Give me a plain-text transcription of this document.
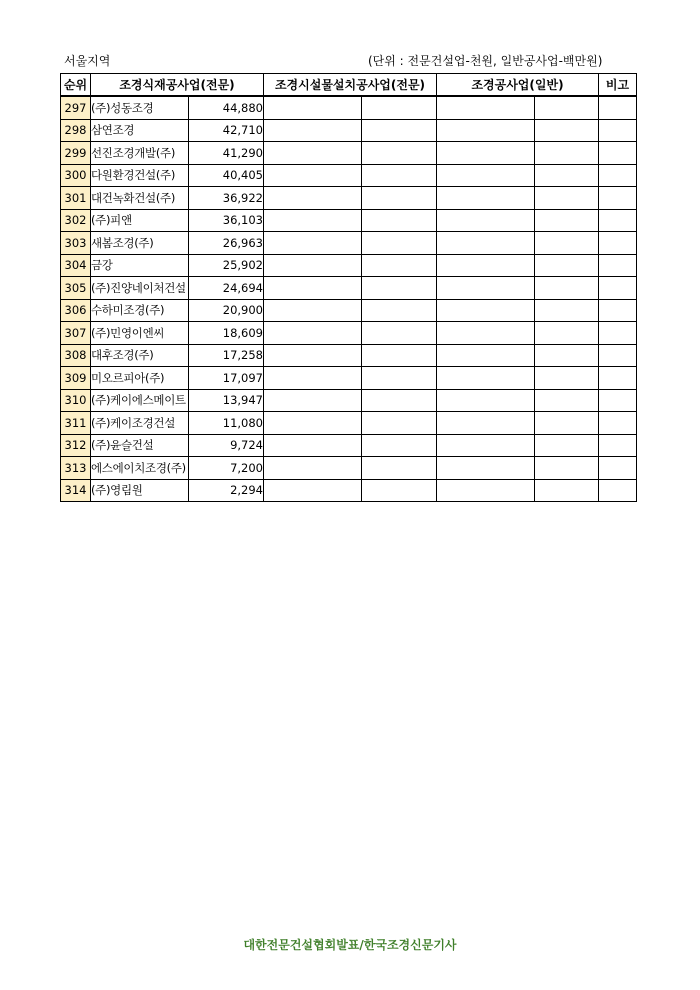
서울지역	(단위 : 전문건설업-천원, 일반공사업-백만원)
순위	조경식재공사업(전문)		조경시설물설치공사업(전문)		조경공사업(일반)		비고
297	(주)성동조경	44,880					
298	삼연조경	42,710					
299	선진조경개발(주)	41,290					
300	다원환경건설(주)	40,405					
301	대건녹화건설(주)	36,922					
302	(주)피앤	36,103					
303	새봄조경(주)	26,963					
304	금강	25,902					
305	(주)진양네이처건설	24,694					
306	수하미조경(주)	20,900					
307	(주)민영이엔씨	18,609					
308	대후조경(주)	17,258					
309	미오르피아(주)	17,097					
310	(주)케이에스메이트	13,947					
311	(주)케이조경건설	11,080					
312	(주)윤슬건설	9,724					
313	에스에이치조경(주)	7,200					
314	(주)영림원	2,294					
대한전문건설협회발표/한국조경신문기사
